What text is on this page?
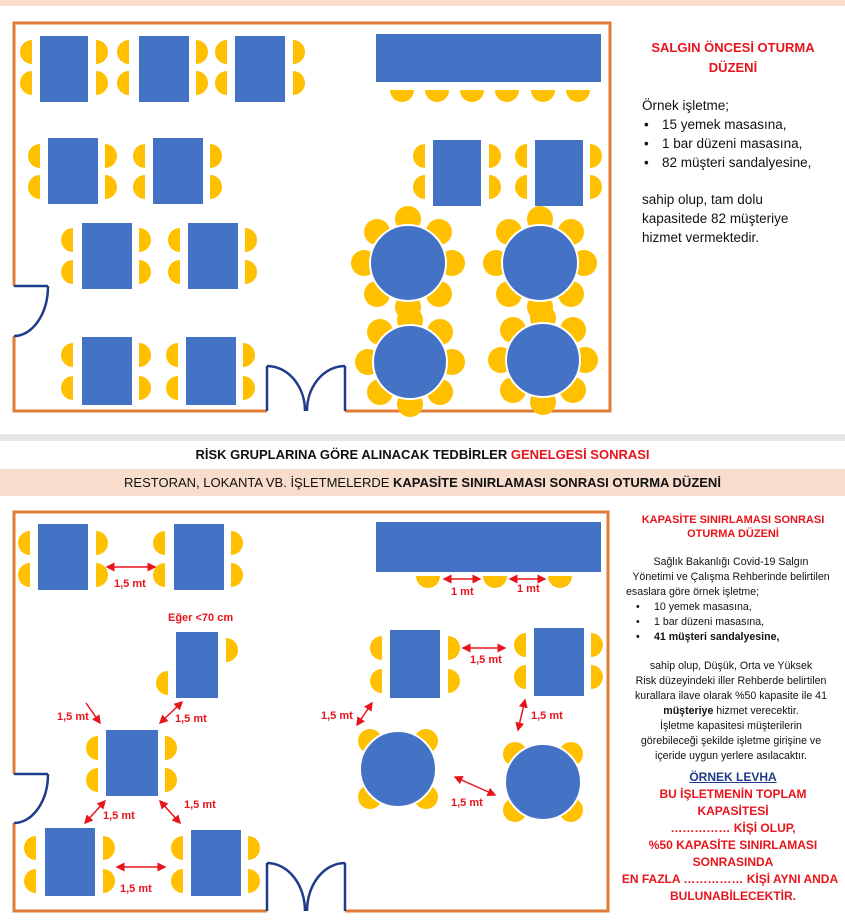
SALGIN ÖNCESİ OTURMA
DÜZENİ
Örnek işletme;
• 15 yemek masasına,
• 1 bar düzeni masasına,
• 82 müşteri sandalyesine,
sahip olup, tam dolu
kapasitede 82 müşteriye
hizmet vermektedir.
RİSK GRUPLARINA GÖRE ALINACAK TEDBİRLER GENELGESİ SONRASI
RESTORAN, LOKANTA VB. İŞLETMELERDE KAPASİTE SINIRLAMASI SONRASI OTURMA DÜZENİ
1,5 mt
1 mt	1 mt
Eğer <70 cm
1,5 mt	1,5 mt
1,5 mt
1,5 mt	1,5 mt
1,5 mt
1,5 mt	1,5 mt
1,5 mt
KAPASİTE SINIRLAMASI SONRASI
OTURMA DÜZENİ
Sağlık Bakanlığı Covid-19 Salgın
Yönetimi ve Çalışma Rehberinde belirtilen
esaslara göre örnek işletme;
• 10 yemek masasına,
• 1 bar düzeni masasına,
• 41 müşteri sandalyesine,
sahip olup, Düşük, Orta ve Yüksek
Risk düzeyindeki iller Rehberde belirtilen
kurallara ilave olarak %50 kapasite ile 41
müşteriye hizmet verecektir.
İşletme kapasitesi müşterilerin
görebileceği şekilde işletme girişine ve
içeride uygun yerlere asılacaktır.
ÖRNEK LEVHA
BU İŞLETMENİN TOPLAM
KAPASİTESİ
…………… KİŞİ OLUP,
%50 KAPASİTE SINIRLAMASI
SONRASINDA
EN FAZLA …………… KİŞİ AYNI ANDA
BULUNABİLECEKTİR.
